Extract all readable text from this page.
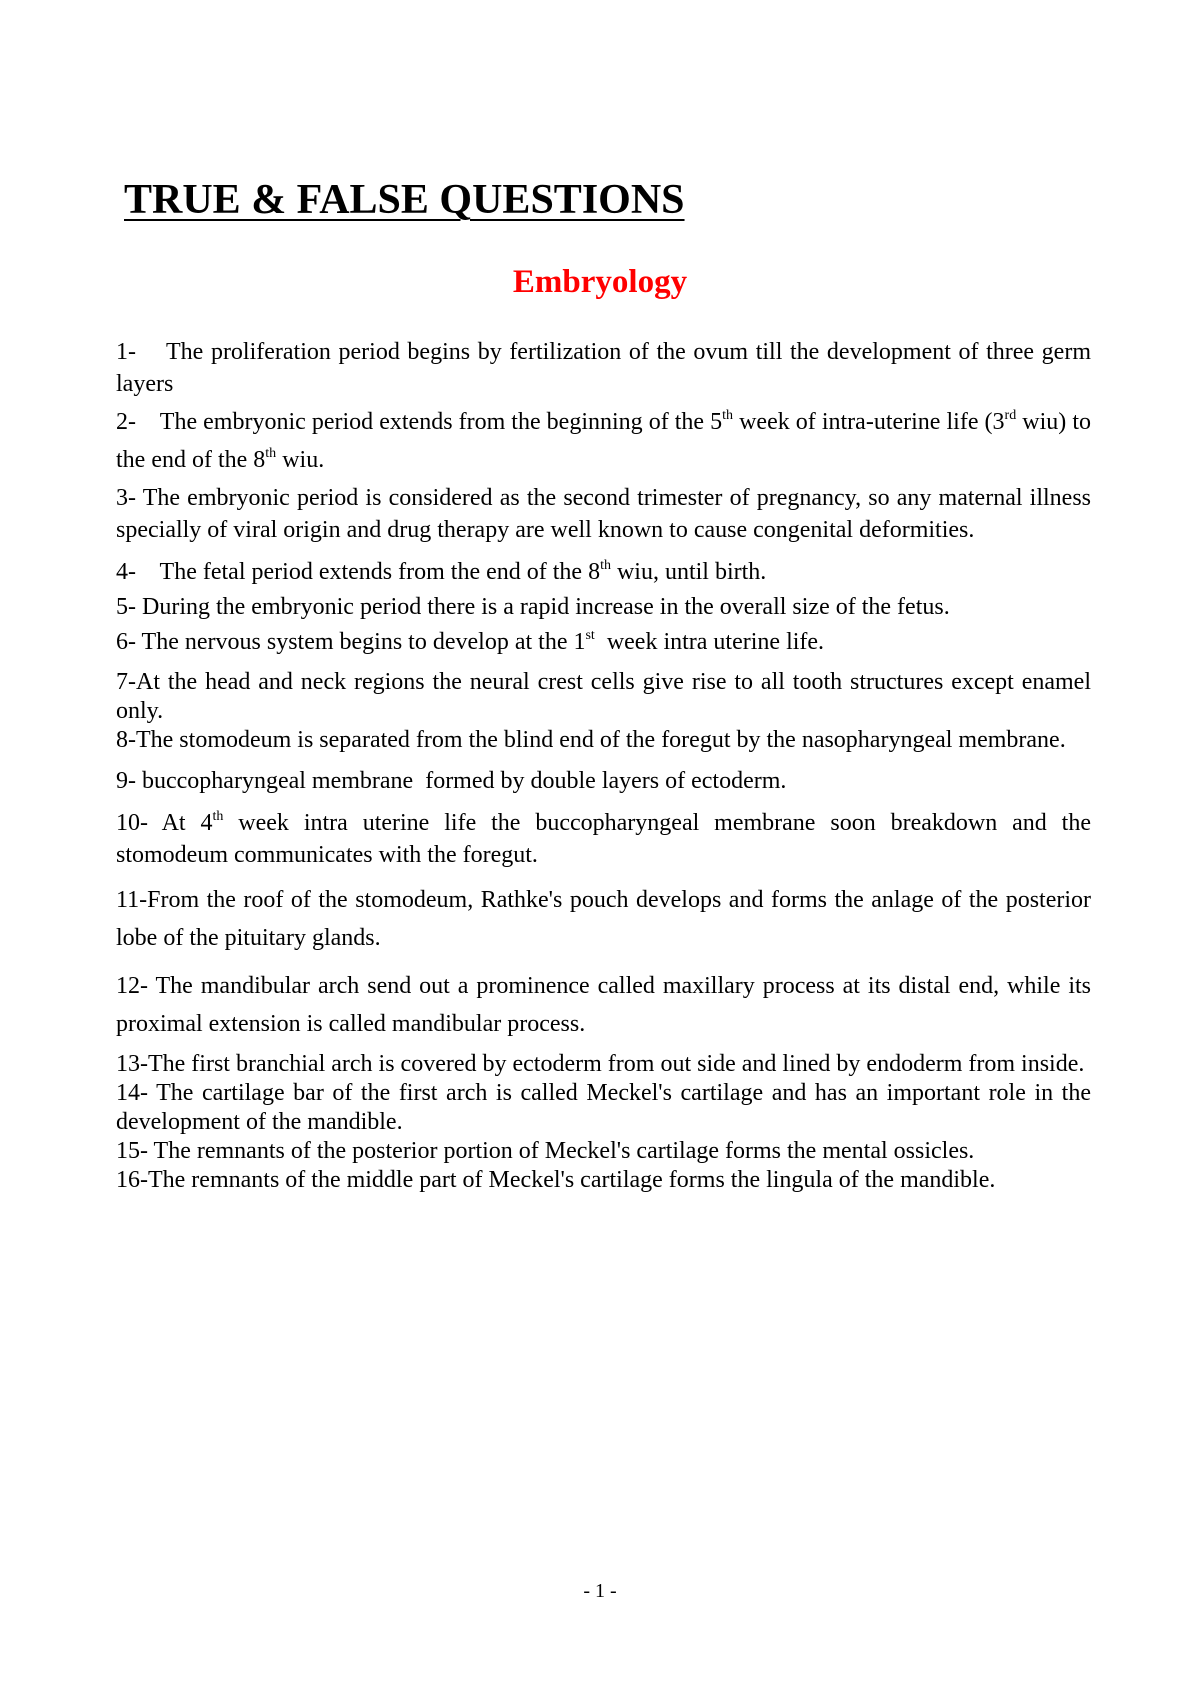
TRUE & FALSE QUESTIONS
Embryology
1-    The proliferation period begins by fertilization of the ovum till the development of three germ layers
2-    The embryonic period extends from the beginning of the 5th week of intra-uterine life (3rd wiu) to the end of the 8th wiu.
3- The embryonic period is considered as the second trimester of pregnancy, so any maternal illness specially of viral origin and drug therapy are well known to cause congenital deformities.
4-    The fetal period extends from the end of the 8th wiu, until birth.
5- During the embryonic period there is a rapid increase in the overall size of the fetus.
6- The nervous system begins to develop at the 1st  week intra uterine life.
7-At the head and neck regions the neural crest cells give rise to all tooth structures except enamel only.
8-The stomodeum is separated from the blind end of the foregut by the nasopharyngeal membrane.
9- buccopharyngeal membrane  formed by double layers of ectoderm.
10- At 4th week intra uterine life the buccopharyngeal membrane soon breakdown and the stomodeum communicates with the foregut.
11-From the roof of the stomodeum, Rathke's pouch develops and forms the anlage of the posterior lobe of the pituitary glands.
12- The mandibular arch send out a prominence called maxillary process at its distal end, while its proximal extension is called mandibular process.
13-The first branchial arch is covered by ectoderm from out side and lined by endoderm from inside.
14- The cartilage bar of the first arch is called Meckel's cartilage and has an important role in the development of the mandible.
15- The remnants of the posterior portion of Meckel's cartilage forms the mental ossicles.
16-The remnants of the middle part of Meckel's cartilage forms the lingula of the mandible.
- 1 -
